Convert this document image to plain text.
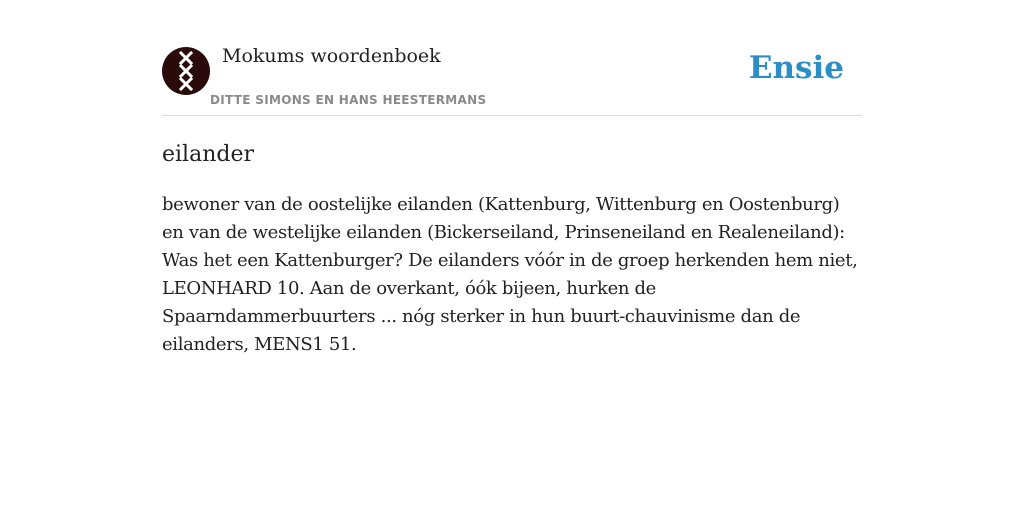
Mokums woordenboek
DITTE SIMONS EN HANS HEESTERMANS
Ensie
eilander

bewoner van de oostelijke eilanden (Kattenburg, Wittenburg en Oostenburg) en van de westelijke eilanden (Bickerseiland, Prinseneiland en Realeneiland): Was het een Kattenburger? De eilanders vóór in de groep herkenden hem niet, LEONHARD 10. Aan de overkant, óók bijeen, hurken de Spaarndammerbuurters ... nóg sterker in hun buurt-chauvinisme dan de eilanders, MENS1 51.
